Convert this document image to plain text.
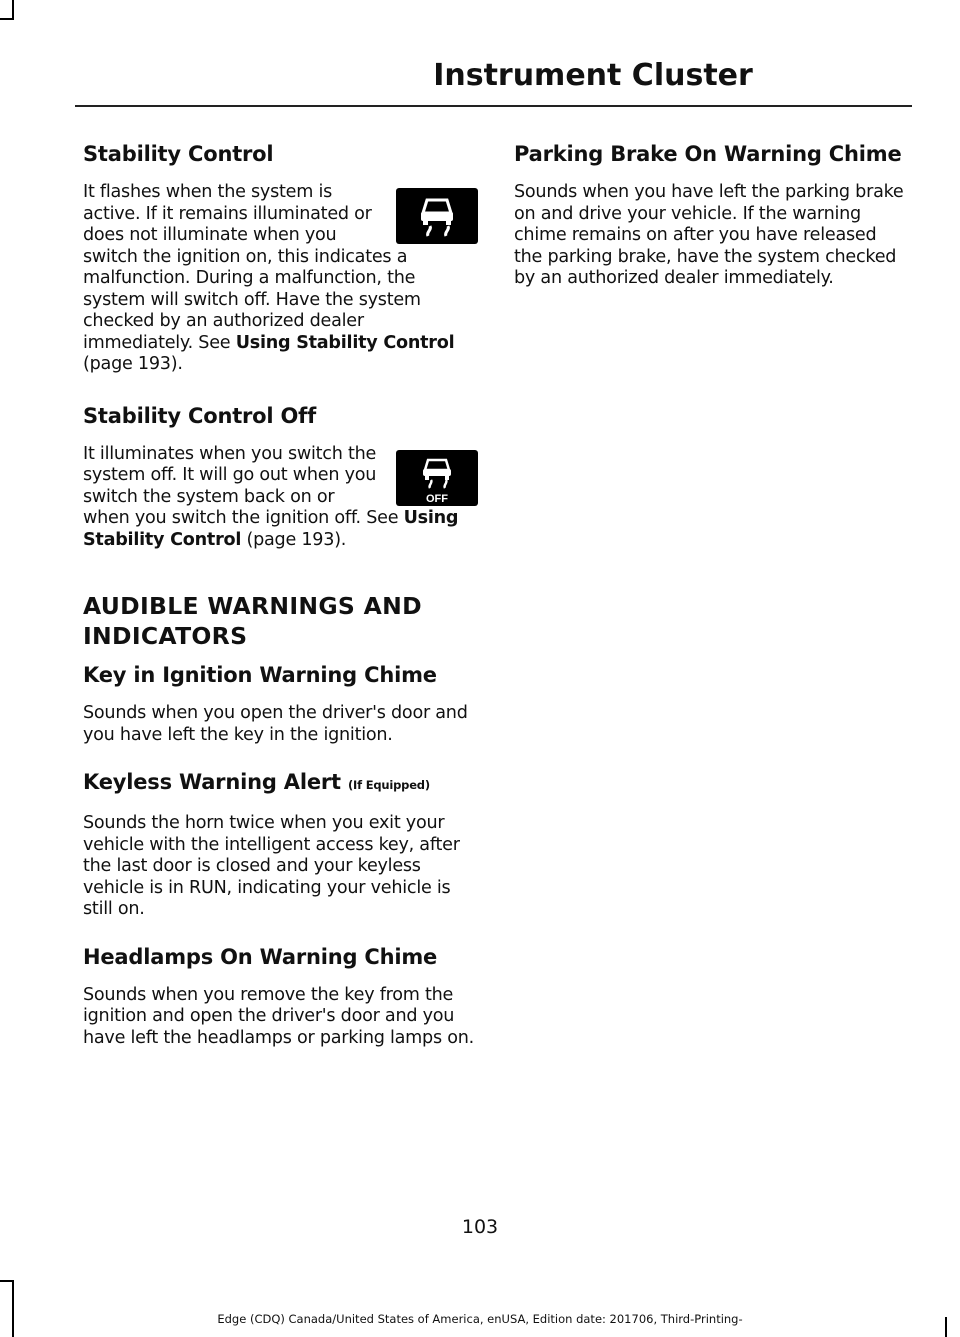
Instrument Cluster
Stability Control

It flashes when the system is active. If it remains illuminated or does not illuminate when you switch the ignition on, this indicates a malfunction. During a malfunction, the system will switch off. Have the system checked by an authorized dealer immediately. See Using Stability Control (page 193).

Stability Control Off
OFF

It illuminates when you switch the system off. It will go out when you switch the system back on or when you switch the ignition off. See Using Stability Control (page 193).

AUDIBLE WARNINGS AND INDICATORS
Key in Ignition Warning Chime

Sounds when you open the driver's door and you have left the key in the ignition.

Keyless Warning Alert (If Equipped)

Sounds the horn twice when you exit your vehicle with the intelligent access key, after the last door is closed and your keyless vehicle is in RUN, indicating your vehicle is still on.

Headlamps On Warning Chime

Sounds when you remove the key from the ignition and open the driver's door and you have left the headlamps or parking lamps on.

Parking Brake On Warning Chime

Sounds when you have left the parking brake on and drive your vehicle. If the warning chime remains on after you have released the parking brake, have the system checked by an authorized dealer immediately.

103
Edge (CDQ) Canada/United States of America, enUSA, Edition date: 201706, Third-Printing-
